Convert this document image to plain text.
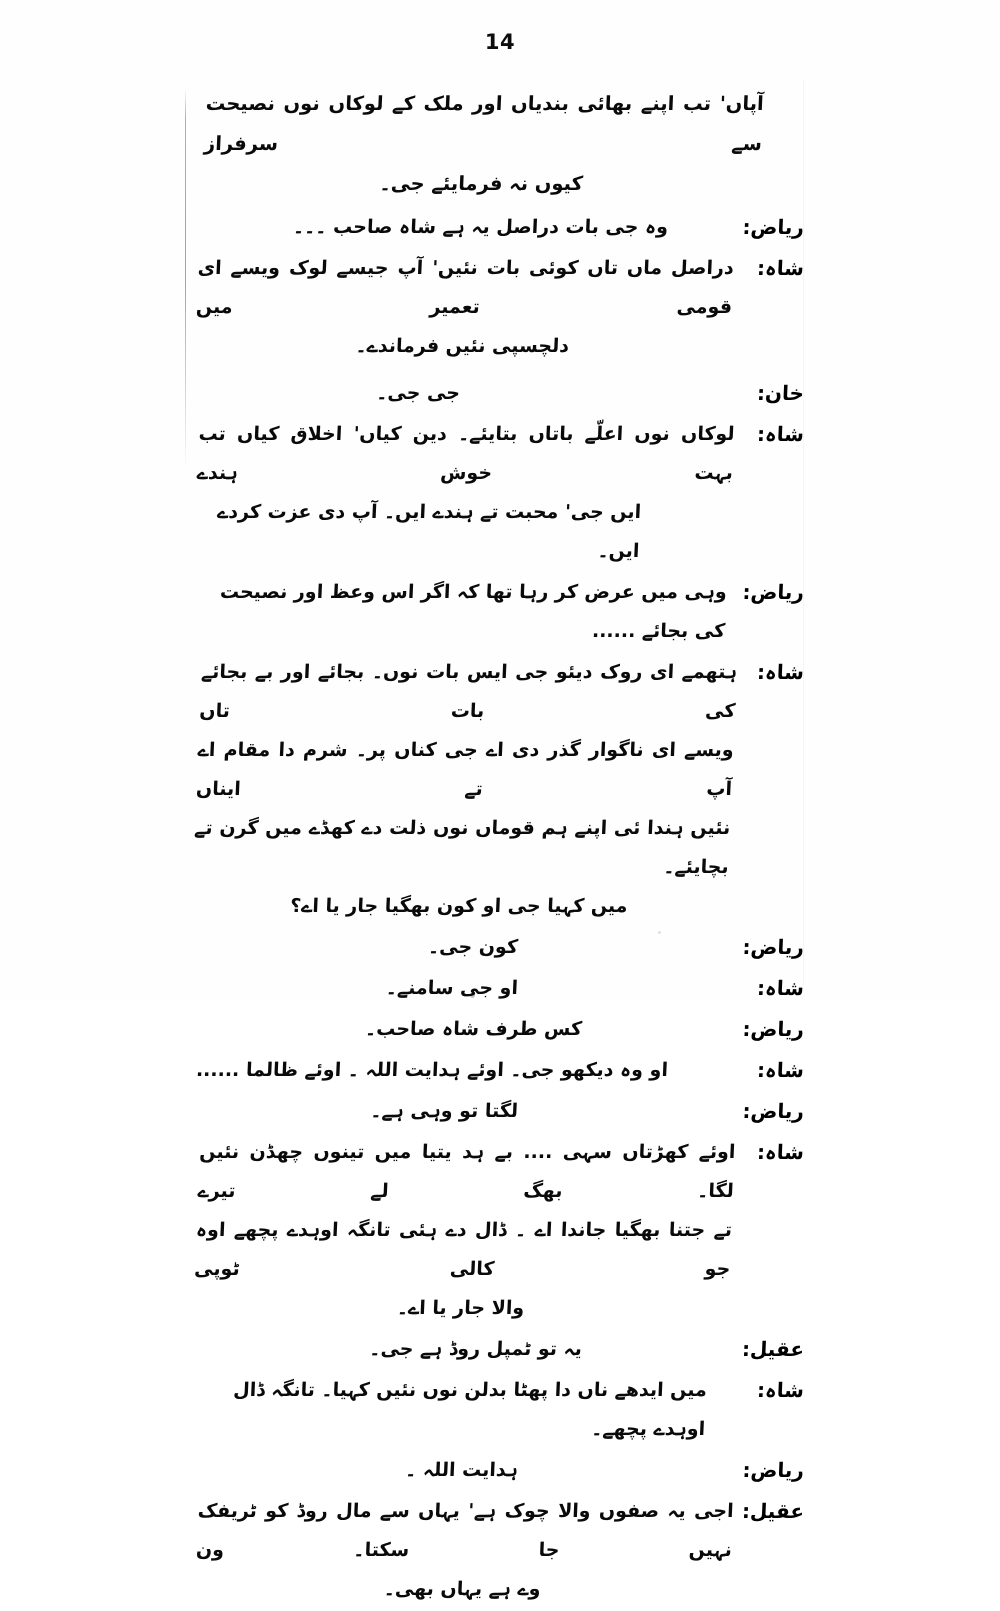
14

آپاں' تب اپنے بھائی بندیاں اور ملک کے لوکاں نوں نصیحت سے سرفراز
کیوں نہ فرمایئے جی۔

ریاض:
وہ جی بات دراصل یہ ہے شاہ صاحب ۔۔۔
شاہ:
دراصل ماں تاں کوئی بات نئیں' آپ جیسے لوک ویسے ای قومی تعمیر میں
دلچسپی نئیں فرماندے۔
خان:
جی جی۔
شاہ:
لوکاں نوں اعلّے باتاں بتایئے۔ دین کیاں' اخلاق کیاں تب بہت خوش ہندے
ایں جی' محبت تے ہندے ایں۔ آپ دی عزت کردے ایں۔
ریاض:
وہی میں عرض کر رہا تھا کہ اگر اس وعظ اور نصیحت کی بجائے ......
شاہ:
ہتھمے ای روک دیئو جی ایس بات نوں۔ بجائے اور بے بجائے کی بات تاں
ویسے ای ناگوار گذر دی اے جی کناں پر۔ شرم دا مقام اے آپ تے ایناں
نئیں ہندا ئی اپنے ہم قوماں نوں ذلت دے کھڈے میں گرن تے بچایئے۔
میں کہیا جی او کون بھگیا جار یا اے؟
ریاض:
کون جی۔
شاہ:
او جی سامنے۔
ریاض:
کس طرف شاہ صاحب۔
شاہ:
او وہ دیکھو جی۔ اوئے ہدایت اللہ ۔ اوئے ظالما ......
ریاض:
لگتا تو وہی ہے۔
شاہ:
اوئے کھڑتاں سہی .... بے ہد یتیا میں تینوں چھڈن نئیں لگا۔ بھگ لے تیرے
تے جتنا بھگیا جاندا اے ۔ ڈال دے ہئی تانگہ اوہدے پچھے اوہ جو کالی ٹوپی
والا جار یا اے۔
عقیل:
یہ تو ٹمپل روڈ ہے جی۔
شاہ:
میں ایدھے ناں دا پھٹا بدلن نوں نئیں کہیا۔ تانگہ ڈال اوہدے پچھے۔
ریاض:
ہدایت اللہ ۔
عقیل:
اجی یہ صفوں والا چوک ہے' یہاں سے مال روڈ کو ٹریفک نہیں جا سکتا۔ ون
وے ہے یہاں بھی۔
